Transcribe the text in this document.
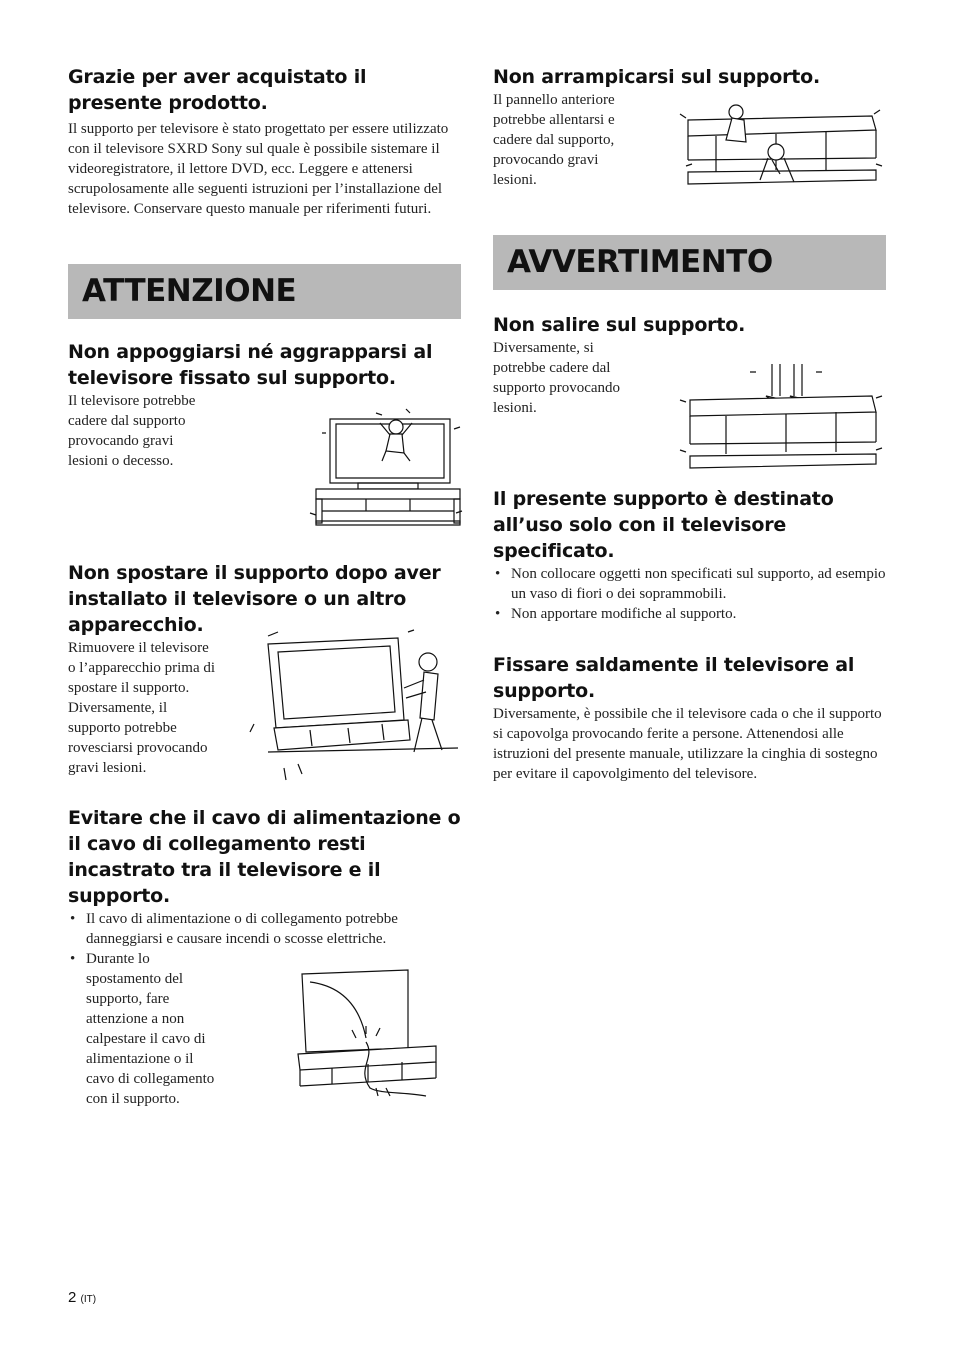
Grazie per aver acquistato il presente prodotto.

Il supporto per televisore è stato progettato per essere utilizzato con il televisore SXRD Sony sul quale è possibile sistemare il videoregistratore, il lettore DVD, ecc. Leggere e attenersi scrupolosamente alle seguenti istruzioni per l’installazione del televisore. Conservare questo manuale per riferimenti futuri.

ATTENZIONE
Non appoggiarsi né aggrapparsi al televisore fissato sul supporto.

Il televisore potrebbe
cadere dal supporto
provocando gravi
lesioni o decesso.

Non spostare il supporto dopo aver installato il televisore o un altro apparecchio.

Rimuovere il televisore
o l’apparecchio prima di
spostare il supporto.
Diversamente, il
supporto potrebbe
rovesciarsi provocando
gravi lesioni.

Evitare che il cavo di alimentazione o il cavo di collegamento resti incastrato tra il televisore e il supporto.
• Il cavo di alimentazione o di collegamento potrebbe danneggiarsi e causare incendi o scosse elettriche.
• Durante lo
spostamento del
supporto, fare
attenzione a non
calpestare il cavo di
alimentazione o il
cavo di collegamento
con il supporto.
Non arrampicarsi sul supporto.

Il pannello anteriore
potrebbe allentarsi e
cadere dal supporto,
provocando gravi
lesioni.

AVVERTIMENTO
Non salire sul supporto.

Diversamente, si
potrebbe cadere dal
supporto provocando
lesioni.

Il presente supporto è destinato all’uso solo con il televisore specificato.
• Non collocare oggetti non specificati sul supporto, ad esempio un vaso di fiori o dei soprammobili.
• Non apportare modifiche al supporto.
Fissare saldamente il televisore al supporto.

Diversamente, è possibile che il televisore cada o che il supporto si capovolga provocando ferite a persone. Attenendosi alle istruzioni del presente manuale, utilizzare la cinghia di sostegno per evitare il capovolgimento del televisore.

2 (IT)
